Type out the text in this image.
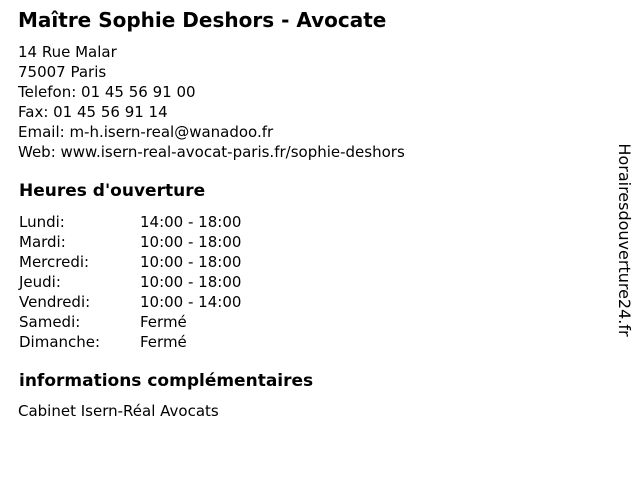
Maître Sophie Deshors - Avocate
14 Rue Malar
75007 Paris
Telefon: 01 45 56 91 00
Fax: 01 45 56 91 14
Email: m-h.isern-real@wanadoo.fr
Web: www.isern-real-avocat-paris.fr/sophie-deshors
Heures d'ouverture
Lundi:	14:00 - 18:00
Mardi:	10:00 - 18:00
Mercredi:	10:00 - 18:00
Jeudi:	10:00 - 18:00
Vendredi:	10:00 - 14:00
Samedi:	Fermé
Dimanche:	Fermé
informations complémentaires
Cabinet Isern-Réal Avocats
Horairesdouverture24.fr
